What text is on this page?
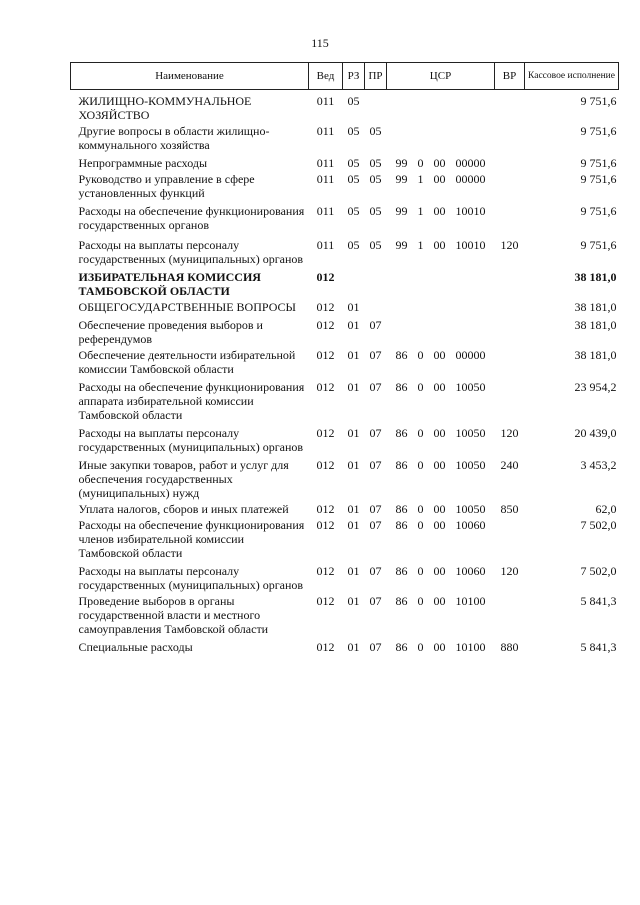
115
Наименование	Вед	РЗ	ПР	ЦСР	ВР	Кассовое исполнение
ЖИЛИЩНО-КОММУНАЛЬНОЕ ХОЗЯЙСТВО	011	05				9 751,6
Другие вопросы в области жилищно-коммунального хозяйства	011	05	05			9 751,6
Непрограммные расходы	011	05	05	99 0 00 00000		9 751,6
Руководство и управление в сфере установленных функций	011	05	05	99 1 00 00000		9 751,6
Расходы на обеспечение функционирования государственных органов	011	05	05	99 1 00 10010		9 751,6
Расходы на выплаты персоналу государственных (муниципальных) органов	011	05	05	99 1 00 10010	120	9 751,6
ИЗБИРАТЕЛЬНАЯ КОМИССИЯ ТАМБОВСКОЙ ОБЛАСТИ	012					38 181,0
ОБЩЕГОСУДАРСТВЕННЫЕ ВОПРОСЫ	012	01				38 181,0
Обеспечение проведения выборов и референдумов	012	01	07			38 181,0
Обеспечение деятельности избирательной комиссии Тамбовской области	012	01	07	86 0 00 00000		38 181,0
Расходы на обеспечение функционирования аппарата избирательной комиссии Тамбовской области	012	01	07	86 0 00 10050		23 954,2
Расходы на выплаты персоналу государственных (муниципальных) органов	012	01	07	86 0 00 10050	120	20 439,0
Иные закупки товаров, работ и услуг для обеспечения государственных (муниципальных) нужд	012	01	07	86 0 00 10050	240	3 453,2
Уплата налогов, сборов и иных платежей	012	01	07	86 0 00 10050	850	62,0
Расходы на обеспечение функционирования членов избирательной комиссии Тамбовской области	012	01	07	86 0 00 10060		7 502,0
Расходы на выплаты персоналу государственных (муниципальных) органов	012	01	07	86 0 00 10060	120	7 502,0
Проведение выборов в органы государственной власти и местного самоуправления Тамбовской области	012	01	07	86 0 00 10100		5 841,3
Специальные расходы	012	01	07	86 0 00 10100	880	5 841,3
